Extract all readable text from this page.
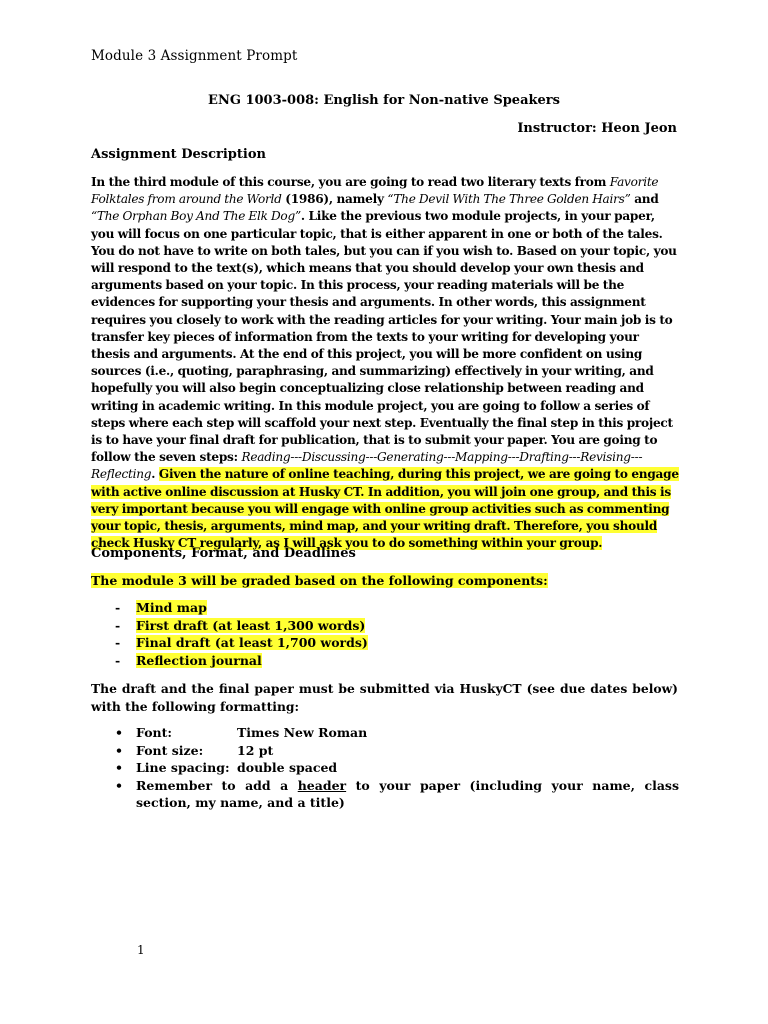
Module 3 Assignment Prompt
ENG 1003-008: English for Non-native Speakers
Instructor: Heon Jeon
Assignment Description
In the third module of this course, you are going to read two literary texts from Favorite Folktales from around the World (1986), namely “The Devil With The Three Golden Hairs” and “The Orphan Boy And The Elk Dog”. Like the previous two module projects, in your paper, you will focus on one particular topic, that is either apparent in one or both of the tales. You do not have to write on both tales, but you can if you wish to. Based on your topic, you will respond to the text(s), which means that you should develop your own thesis and arguments based on your topic. In this process, your reading materials will be the evidences for supporting your thesis and arguments. In other words, this assignment requires you closely to work with the reading articles for your writing. Your main job is to transfer key pieces of information from the texts to your writing for developing your thesis and arguments. At the end of this project, you will be more confident on using sources (i.e., quoting, paraphrasing, and summarizing) effectively in your writing, and hopefully you will also begin conceptualizing close relationship between reading and writing in academic writing. In this module project, you are going to follow a series of steps where each step will scaffold your next step. Eventually the final step in this project is to have your final draft for publication, that is to submit your paper. You are going to follow the seven steps: Reading---Discussing---Generating---Mapping---Drafting---Revising---Reflecting. Given the nature of online teaching, during this project, we are going to engage with active online discussion at Husky CT. In addition, you will join one group, and this is very important because you will engage with online group activities such as commenting your topic, thesis, arguments, mind map, and your writing draft. Therefore, you should check Husky CT regularly, as I will ask you to do something within your group.
Components, Format, and Deadlines
The module 3 will be graded based on the following components:
- Mind map
- First draft (at least 1,300 words)
- Final draft (at least 1,700 words)
- Reflection journal
The draft and the final paper must be submitted via HuskyCT (see due dates below) with the following formatting:
• Font:	Times New Roman
• Font size:	12 pt
• Line spacing: double spaced
• Remember to add a header to your paper (including your name, class section, my name, and a title)
1
